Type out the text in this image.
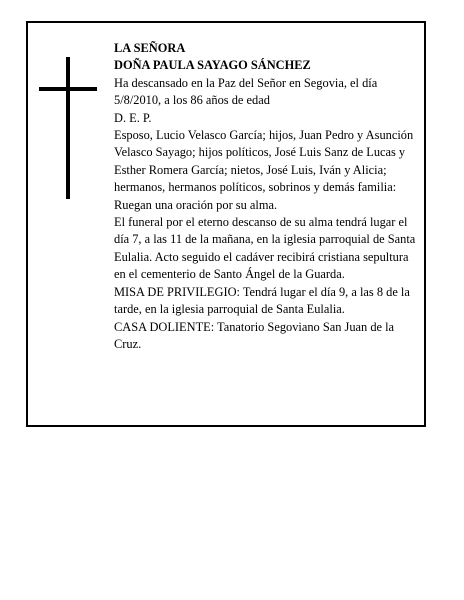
LA SEÑORA

DOÑA PAULA SAYAGO SÁNCHEZ

Ha descansado en la Paz del Señor en Segovia, el día 5/8/2010, a los 86 años de edad

D. E. P.

Esposo, Lucio Velasco García; hijos, Juan Pedro y Asunción Velasco Sayago; hijos políticos, José Luis Sanz de Lucas y Esther Romera García; nietos, José Luis, Iván y Alicia; hermanos, hermanos políticos, sobrinos y demás familia:

Ruegan una oración por su alma.

El funeral por el eterno descanso de su alma tendrá lugar el día 7, a las 11 de la mañana, en la iglesia parroquial de Santa Eulalia. Acto seguido el cadáver recibirá cristiana sepultura en el cementerio de Santo Ángel de la Guarda.

MISA DE PRIVILEGIO: Tendrá lugar el día 9, a las 8 de la tarde, en la iglesia parroquial de Santa Eulalia.

CASA DOLIENTE: Tanatorio Segoviano San Juan de la Cruz.
